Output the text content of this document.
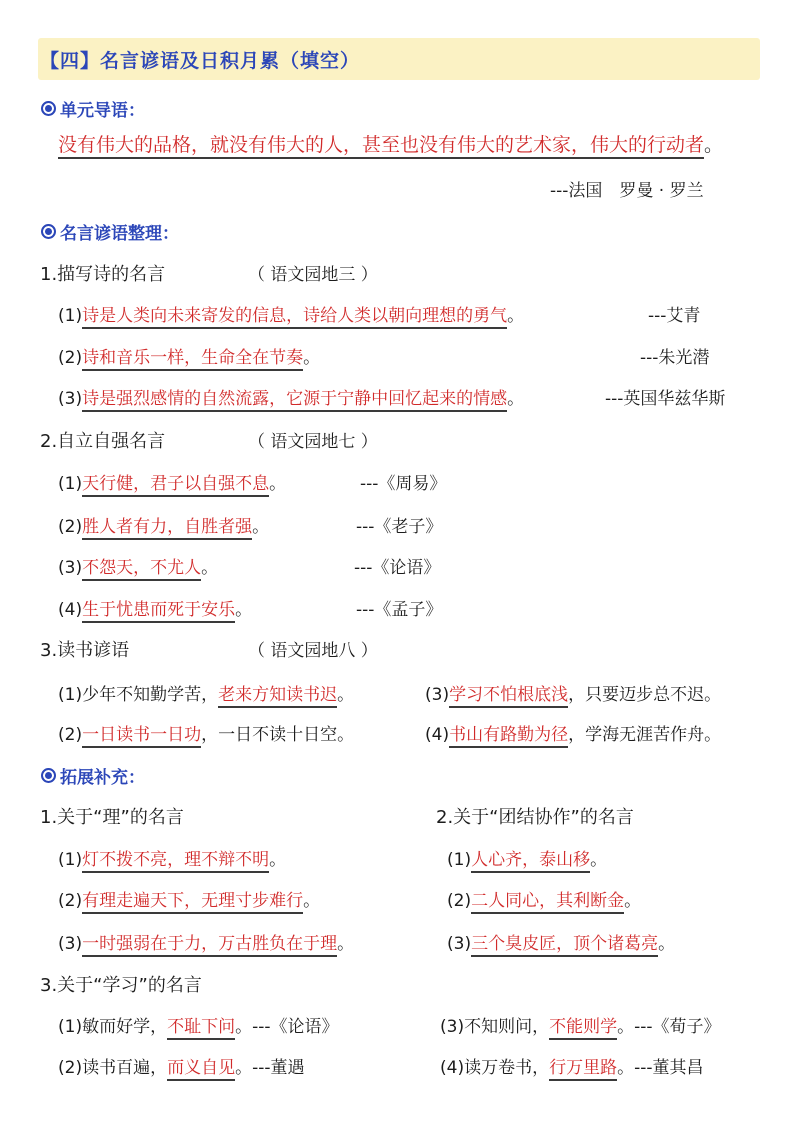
【四】名言谚语及日积月累（填空）
单元导语：
没有伟大的品格，就没有伟大的人，甚至也没有伟大的艺术家，伟大的行动者。
---法国　罗曼 · 罗兰
名言谚语整理：
1.描写诗的名言	（ 语文园地三 ）
(1)诗是人类向未来寄发的信息，诗给人类以朝向理想的勇气。	---艾青
(2)诗和音乐一样，生命全在节奏。	---朱光潜
(3)诗是强烈感情的自然流露，它源于宁静中回忆起来的情感。	---英国华兹华斯
2.自立自强名言	（ 语文园地七 ）
(1)天行健，君子以自强不息。	---《周易》
(2)胜人者有力，自胜者强。	---《老子》
(3)不怨天，不尤人。	---《论语》
(4)生于忧患而死于安乐。	---《孟子》
3.读书谚语	（ 语文园地八 ）
(1)少年不知勤学苦，老来方知读书迟。	(3)学习不怕根底浅，只要迈步总不迟。
(2)一日读书一日功，一日不读十日空。	(4)书山有路勤为径，学海无涯苦作舟。
拓展补充：
1.关于“理”的名言	2.关于“团结协作”的名言
(1)灯不拨不亮，理不辩不明。	(1)人心齐，泰山移。
(2)有理走遍天下，无理寸步难行。	(2)二人同心，其利断金。
(3)一时强弱在于力，万古胜负在于理。	(3)三个臭皮匠，顶个诸葛亮。
3.关于“学习”的名言
(1)敏而好学，不耻下问。---《论语》	(3)不知则问，不能则学。---《荀子》
(2)读书百遍，而义自见。---董遇	(4)读万卷书，行万里路。---董其昌
